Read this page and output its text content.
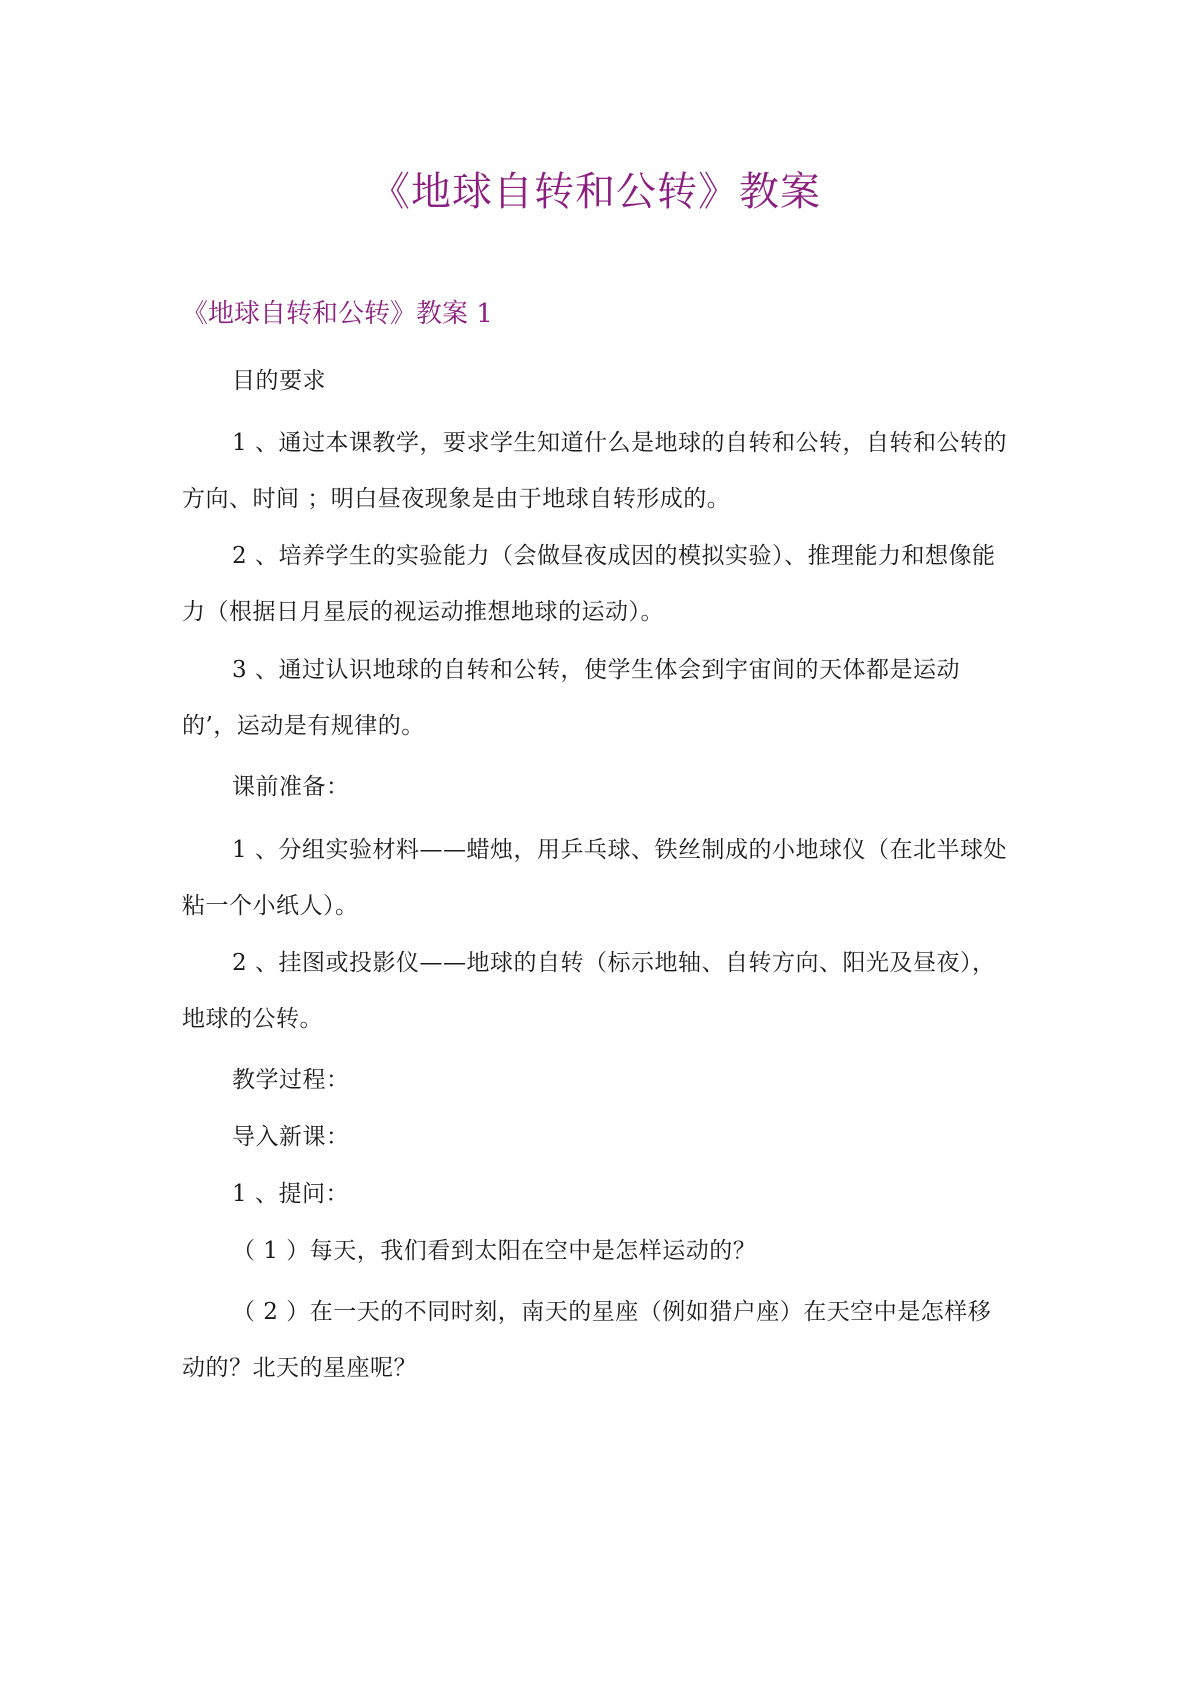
《地球自转和公转》教案
《地球自转和公转》教案 1

目的要求

1 、通过本课教学，要求学生知道什么是地球的自转和公转，自转和公转的方向、时间 ；明白昼夜现象是由于地球自转形成的。

2 、培养学生的实验能力（会做昼夜成因的模拟实验）、推理能力和想像能力（根据日月星辰的视运动推想地球的运动）。

3 、通过认识地球的自转和公转，使学生体会到宇宙间的天体都是运动的’，运动是有规律的。

课前准备：

1 、分组实验材料——蜡烛，用乒乓球、铁丝制成的小地球仪（在北半球处粘一个小纸人）。

2 、挂图或投影仪——地球的自转（标示地轴、自转方向、阳光及昼夜），地球的公转。

教学过程：

导入新课：

1 、提问：

（ 1 ）每天，我们看到太阳在空中是怎样运动的？

（ 2 ）在一天的不同时刻，南天的星座（例如猎户座）在天空中是怎样移动的？北天的星座呢？
